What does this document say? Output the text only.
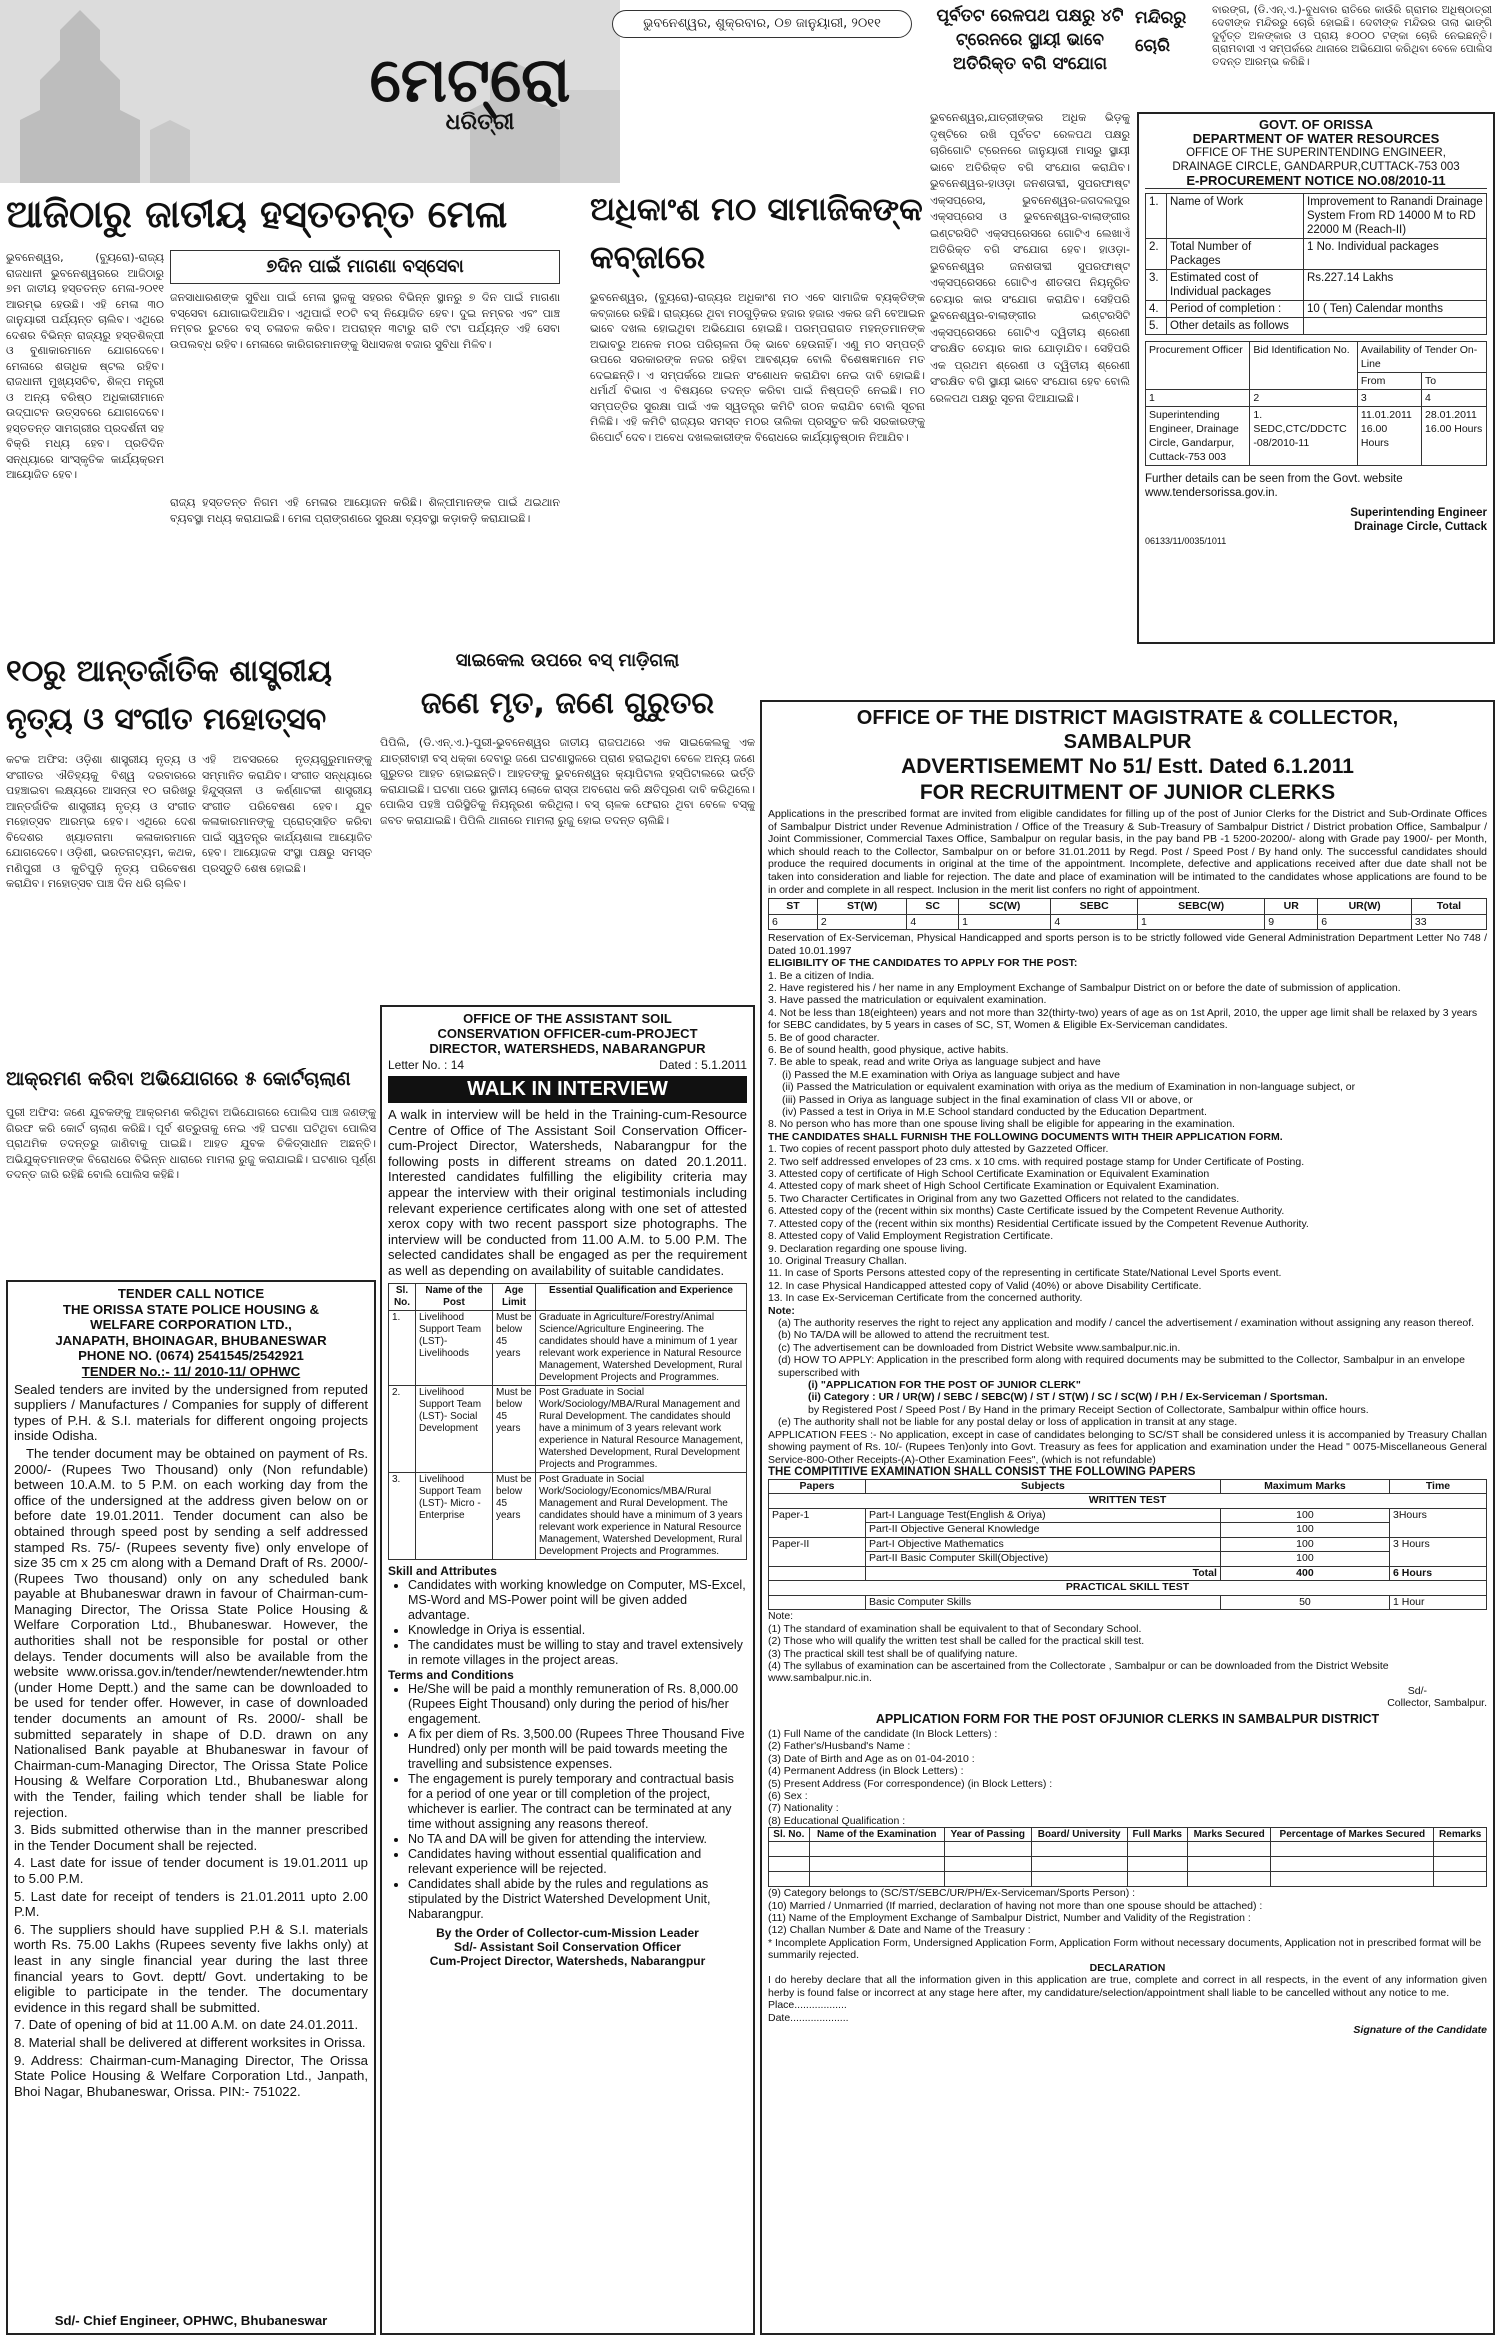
ଭୁବନେଶ୍ୱର, ଶୁକ୍ରବାର, ୦୭ ଜାନୁୟାରୀ, ୨୦୧୧
ମେଟ୍ରୋ
ଧରିତ୍ରୀ
ପୂର୍ବତଟ ରେଳପଥ ପକ୍ଷରୁ ୪ଟି ଟ୍ରେନରେ ସ୍ଥାୟୀ ଭାବେ ଅତିରିକ୍ତ ବଗି ସଂଯୋଗ
ଭୁବନେଶ୍ୱର,ଯାତ୍ରୀଙ୍କର ଅଧିକ ଭିଡ଼କୁ ଦୃଷ୍ଟିରେ ରଖି ପୂର୍ବତଟ ରେଳପଥ ପକ୍ଷରୁ ଚାରିଗୋଟି ଟ୍ରେନରେ ଜାନୁୟାରୀ ମାସରୁ ସ୍ଥାୟୀ ଭାବେ ଅତିରିକ୍ତ ବଗି ସଂଯୋଗ କରାଯିବ। ଭୁବନେଶ୍ୱର-ହାଓଡ଼ା ଜନଶତାବ୍ଦୀ, ସୁପରଫାଷ୍ଟ ଏକ୍ସପ୍ରେସ, ଭୁବନେଶ୍ୱର-ଜଗଦଲପୁର ଏକ୍ସପ୍ରେସ ଓ ଭୁବନେଶ୍ୱର-ବାଲାଙ୍ଗୀର ଇଣ୍ଟରସିଟି ଏକ୍ସପ୍ରେସରେ ଗୋଟିଏ ଲେଖାଏଁ ଅତିରିକ୍ତ ବଗି ସଂଯୋଗ ହେବ। ହାଓଡ଼ା-ଭୁବନେଶ୍ୱର ଜନଶତାବ୍ଦୀ ସୁପରଫାଷ୍ଟ ଏକ୍ସପ୍ରେସରେ ଗୋଟିଏ ଶୀତତାପ ନିୟନ୍ତ୍ରିତ ଚେୟାର କାର ସଂଯୋଗ କରାଯିବ। ସେହିପରି ଭୁବନେଶ୍ୱର-ବାଲାଙ୍ଗୀର ଇଣ୍ଟରସିଟି ଏକ୍ସପ୍ରେସରେ ଗୋଟିଏ ଦ୍ୱିତୀୟ ଶ୍ରେଣୀ ସଂରକ୍ଷିତ ଚେୟାର କାର ଯୋଡ଼ାଯିବ। ସେହିପରି ଏକ ପ୍ରଥମ ଶ୍ରେଣୀ ଓ ଦ୍ୱିତୀୟ ଶ୍ରେଣୀ ସଂରକ୍ଷିତ ବଗି ସ୍ଥାୟୀ ଭାବେ ସଂଯୋଗ ହେବ ବୋଲି ରେଳପଥ ପକ୍ଷରୁ ସୂଚନା ଦିଆଯାଇଛି।
ମନ୍ଦିରରୁ ଚୋରି
ବାରଙ୍ଗ, (ଡି.ଏନ୍.ଏ.)-ବୁଧବାର ରାତିରେ କାଉଁରି ଗ୍ରାମର ଅଧିଷ୍ଠାତ୍ରୀ ଦେବୀଙ୍କ ମନ୍ଦିରରୁ ଚୋରି ହୋଇଛି। ଦେବୀଙ୍କ ମନ୍ଦିରର ତାଲା ଭାଙ୍ଗି ଦୁର୍ବୃତ୍ତ ଅଳଙ୍କାର ଓ ପ୍ରାୟ ୫୦୦୦ ଟଙ୍କା ଚୋରି ନେଇଛନ୍ତି। ଗ୍ରାମବାସୀ ଏ ସମ୍ପର୍କରେ ଥାନାରେ ଅଭିଯୋଗ କରିଥିବା ବେଳେ ପୋଲିସ ତଦନ୍ତ ଆରମ୍ଭ କରିଛି।
GOVT. OF ORISSA
DEPARTMENT OF WATER RESOURCES
OFFICE OF THE SUPERINTENDING ENGINEER,
DRAINAGE CIRCLE, GANDARPUR,CUTTACK-753 003
E-PROCUREMENT NOTICE NO.08/2010-11
1.	Name of Work	Improvement to Ranandi Drainage System From RD 14000 M to RD 22000 M (Reach-II)
2.	Total Number of Packages	1 No. Individual packages
3.	Estimated cost of Individual packages	Rs.227.14 Lakhs
4.	Period of completion :	10 ( Ten) Calendar months
5.	Other details as follows	
Procurement Officer	Bid Identification No.	Availability of Tender On-Line	
		From	To
1	2	3	4
Superintending Engineer, Drainage Circle, Gandarpur, Cuttack-753 003	1. SEDC,CTC/DDCTC -08/2010-11	11.01.2011 16.00 Hours	28.01.2011 16.00 Hours
Further details can be seen from the Govt. website www.tendersorissa.gov.in.
Superintending Engineer
Drainage Circle, Cuttack
06133/11/0035/1011
ଆଜିଠାରୁ ଜାତୀୟ ହସ୍ତତନ୍ତ ମେଳା
ଭୁବନେଶ୍ୱର, (ବ୍ୟୁରୋ)-ରାଜ୍ୟ ରାଜଧାନୀ ଭୁବନେଶ୍ୱରରେ ଆଜିଠାରୁ ୭ମ ଜାତୀୟ ହସ୍ତତନ୍ତ ମେଳା-୨୦୧୧ ଆରମ୍ଭ ହେଉଛି। ଏହି ମେଳା ୩୦ ଜାନୁୟାରୀ ପର୍ଯ୍ୟନ୍ତ ଚାଲିବ। ଏଥିରେ ଦେଶର ବିଭିନ୍ନ ରାଜ୍ୟରୁ ହସ୍ତଶିଳ୍ପୀ ଓ ବୁଣାକାରମାନେ ଯୋଗଦେବେ। ମେଳାରେ ଶତାଧିକ ଷ୍ଟଲ ରହିବ। ରାଜଧାନୀ ମୁଖ୍ୟସଚିବ, ଶିଳ୍ପ ମନ୍ତ୍ରୀ ଓ ଅନ୍ୟ ବରିଷ୍ଠ ଅଧିକାରୀମାନେ ଉଦ୍‌ଘାଟନ ଉତ୍ସବରେ ଯୋଗଦେବେ। ହସ୍ତତନ୍ତ ସାମଗ୍ରୀର ପ୍ରଦର୍ଶନୀ ସହ ବିକ୍ରି ମଧ୍ୟ ହେବ। ପ୍ରତିଦିନ ସନ୍ଧ୍ୟାରେ ସାଂସ୍କୃତିକ କାର୍ଯ୍ୟକ୍ରମ ଆୟୋଜିତ ହେବ।
୭ଦିନ ପାଇଁ ମାଗଣା ବସ୍‌ସେବା
ଜନସାଧାରଣଙ୍କ ସୁବିଧା ପାଇଁ ମେଳା ସ୍ଥଳକୁ ସହରର ବିଭିନ୍ନ ସ୍ଥାନରୁ ୭ ଦିନ ପାଇଁ ମାଗଣା ବସ୍‌ସେବା ଯୋଗାଇଦିଆଯିବ। ଏଥିପାଇଁ ୧୦ଟି ବସ୍ ନିୟୋଜିତ ହେବ। ଦୁଇ ନମ୍ବର ଏବଂ ପାଞ୍ଚ ନମ୍ବର ରୁଟରେ ବସ୍ ଚଳାଚଳ କରିବ। ଅପରାହ୍ନ ୩ଟାରୁ ରାତି ୯ଟା ପର୍ଯ୍ୟନ୍ତ ଏହି ସେବା ଉପଲବ୍ଧ ରହିବ। ମେଳାରେ କାରିଗରମାନଙ୍କୁ ସିଧାସଳଖ ବଜାର ସୁବିଧା ମିଳିବ।
ରାଜ୍ୟ ହସ୍ତତନ୍ତ ନିଗମ ଏହି ମେଳାର ଆୟୋଜନ କରିଛି। ଶିଳ୍ପୀମାନଙ୍କ ପାଇଁ ଥଇଥାନ ବ୍ୟବସ୍ଥା ମଧ୍ୟ କରାଯାଇଛି। ମେଳା ପ୍ରାଙ୍ଗଣରେ ସୁରକ୍ଷା ବ୍ୟବସ୍ଥା କଡ଼ାକଡ଼ି କରାଯାଇଛି।
ଅଧିକାଂଶ ମଠ ସାମାଜିକଙ୍କ କବ୍‌ଜାରେ
ଭୁବନେଶ୍ୱର, (ବ୍ୟୁରୋ)-ରାଜ୍ୟର ଅଧିକାଂଶ ମଠ ଏବେ ସାମାଜିକ ବ୍ୟକ୍ତିଙ୍କ କବ୍‌ଜାରେ ରହିଛି। ରାଜ୍ୟରେ ଥିବା ମଠଗୁଡ଼ିକର ହଜାର ହଜାର ଏକର ଜମି ବେଆଇନ ଭାବେ ଦଖଲ ହୋଇଥିବା ଅଭିଯୋଗ ହୋଇଛି। ପରମ୍ପରାଗତ ମହନ୍ତମାନଙ୍କ ଅଭାବରୁ ଅନେକ ମଠର ପରିଚାଳନା ଠିକ୍ ଭାବେ ହେଉନାହିଁ। ଏଣୁ ମଠ ସମ୍ପତ୍ତି ଉପରେ ସରକାରଙ୍କ ନଜର ରହିବା ଆବଶ୍ୟକ ବୋଲି ବିଶେଷଜ୍ଞମାନେ ମତ ଦେଇଛନ୍ତି। ଏ ସମ୍ପର୍କରେ ଆଇନ ସଂଶୋଧନ କରାଯିବା ନେଇ ଦାବି ହୋଇଛି। ଧର୍ମାର୍ଥ ବିଭାଗ ଏ ବିଷୟରେ ତଦନ୍ତ କରିବା ପାଇଁ ନିଷ୍ପତ୍ତି ନେଇଛି। ମଠ ସମ୍ପତ୍ତିର ସୁରକ୍ଷା ପାଇଁ ଏକ ସ୍ୱତନ୍ତ୍ର କମିଟି ଗଠନ କରାଯିବ ବୋଲି ସୂଚନା ମିଳିଛି। ଏହି କମିଟି ରାଜ୍ୟର ସମସ୍ତ ମଠର ତାଲିକା ପ୍ରସ୍ତୁତ କରି ସରକାରଙ୍କୁ ରିପୋର୍ଟ ଦେବ। ଅବେଧ ଦଖଲକାରୀଙ୍କ ବିରୋଧରେ କାର୍ଯ୍ୟାନୁଷ୍ଠାନ ନିଆଯିବ।
୧୦ରୁ ଆନ୍ତର୍ଜାତିକ ଶାସ୍ତ୍ରୀୟ ନୃତ୍ୟ ଓ ସଂଗୀତ ମହୋତ୍ସବ
କଟକ ଅଫିସ: ଓଡ଼ିଶା ଶାସ୍ତ୍ରୀୟ ନୃତ୍ୟ ଓ ସଂଗୀତର ଐତିହ୍ୟକୁ ବିଶ୍ୱ ଦରବାରରେ ପହଞ୍ଚାଇବା ଲକ୍ଷ୍ୟରେ ଆସନ୍ତା ୧୦ ତାରିଖରୁ ଆନ୍ତର୍ଜାତିକ ଶାସ୍ତ୍ରୀୟ ନୃତ୍ୟ ଓ ସଂଗୀତ ମହୋତ୍ସବ ଆରମ୍ଭ ହେବ। ଏଥିରେ ଦେଶ ବିଦେଶର ଖ୍ୟାତନାମା କଳାକାରମାନେ ଯୋଗଦେବେ। ଓଡ଼ିଶୀ, ଭରତନାଟ୍ୟମ, କଥକ, ମଣିପୁରୀ ଓ କୁଚିପୁଡ଼ି ନୃତ୍ୟ ପରିବେଷଣ କରାଯିବ। ମହୋତ୍ସବ ପାଞ୍ଚ ଦିନ ଧରି ଚାଲିବ।
ଏହି ଅବସରରେ ନୃତ୍ୟଗୁରୁମାନଙ୍କୁ ସମ୍ମାନିତ କରାଯିବ। ସଂଗୀତ ସନ୍ଧ୍ୟାରେ ହିନ୍ଦୁସ୍ତାନୀ ଓ କର୍ଣ୍ଣାଟକୀ ଶାସ୍ତ୍ରୀୟ ସଂଗୀତ ପରିବେଷଣ ହେବ। ଯୁବ କଳାକାରମାନଙ୍କୁ ପ୍ରୋତ୍ସାହିତ କରିବା ପାଇଁ ସ୍ୱତନ୍ତ୍ର କାର୍ଯ୍ୟଶାଳା ଆୟୋଜିତ ହେବ। ଆୟୋଜକ ସଂସ୍ଥା ପକ୍ଷରୁ ସମସ୍ତ ପ୍ରସ୍ତୁତି ଶେଷ ହୋଇଛି।
ସାଇକେଲ ଉପରେ ବସ୍ ମାଡ଼ିଗଲା
ଜଣେ ମୃତ, ଜଣେ ଗୁରୁତର
ପିପିଲି, (ଡି.ଏନ୍.ଏ.)-ପୁରୀ-ଭୁବନେଶ୍ୱର ଜାତୀୟ ରାଜପଥରେ ଏକ ସାଇକେଲକୁ ଏକ ଯାତ୍ରୀବାହୀ ବସ୍ ଧକ୍କା ଦେବାରୁ ଜଣେ ଘଟଣାସ୍ଥଳରେ ପ୍ରାଣ ହରାଇଥିବା ବେଳେ ଅନ୍ୟ ଜଣେ ଗୁରୁତର ଆହତ ହୋଇଛନ୍ତି। ଆହତଙ୍କୁ ଭୁବନେଶ୍ୱର କ୍ୟାପିଟାଲ ହସ୍ପିଟାଲରେ ଭର୍ତ୍ତି କରାଯାଇଛି। ଘଟଣା ପରେ ସ୍ଥାନୀୟ ଲୋକେ ରାସ୍ତା ଅବରୋଧ କରି କ୍ଷତିପୂରଣ ଦାବି କରିଥିଲେ। ପୋଲିସ ପହଞ୍ଚି ପରିସ୍ଥିତିକୁ ନିୟନ୍ତ୍ରଣ କରିଥିଲା। ବସ୍ ଚାଳକ ଫେରାର ଥିବା ବେଳେ ବସ୍‌କୁ ଜବତ କରାଯାଇଛି। ପିପିଲି ଥାନାରେ ମାମଲା ରୁଜୁ ହୋଇ ତଦନ୍ତ ଚାଲିଛି।
ଆକ୍ରମଣ କରିବା ଅଭିଯୋଗରେ ୫ କୋର୍ଟଚାଲାଣ
ପୁରୀ ଅଫିସ: ଜଣେ ଯୁବକଙ୍କୁ ଆକ୍ରମଣ କରିଥିବା ଅଭିଯୋଗରେ ପୋଲିସ ପାଞ୍ଚ ଜଣଙ୍କୁ ଗିରଫ କରି କୋର୍ଟ ଚାଲାଣ କରିଛି। ପୂର୍ବ ଶତ୍ରୁତାକୁ ନେଇ ଏହି ଘଟଣା ଘଟିଥିବା ପୋଲିସ ପ୍ରାଥମିକ ତଦନ୍ତରୁ ଜାଣିବାକୁ ପାଇଛି। ଆହତ ଯୁବକ ଚିକିତ୍ସାଧୀନ ଅଛନ୍ତି। ଅଭିଯୁକ୍ତମାନଙ୍କ ବିରୋଧରେ ବିଭିନ୍ନ ଧାରାରେ ମାମଲା ରୁଜୁ କରାଯାଇଛି। ଘଟଣାର ପୂର୍ଣ୍ଣ ତଦନ୍ତ ଜାରି ରହିଛି ବୋଲି ପୋଲିସ କହିଛି।
TENDER CALL NOTICE
THE ORISSA STATE POLICE HOUSING &
WELFARE CORPORATION LTD.,
JANAPATH, BHOINAGAR, BHUBANESWAR
PHONE NO. (0674) 2541545/2542921
TENDER No.:- 11/ 2010-11/ OPHWC

Sealed tenders are invited by the undersigned from reputed suppliers / Manufactures / Companies for supply of different types of P.H. & S.I. materials for different ongoing projects inside Odisha.

The tender document may be obtained on payment of Rs. 2000/- (Rupees Two Thousand) only (Non refundable) between 10.A.M. to 5 P.M. on each working day from the office of the undersigned at the address given below on or before date 19.01.2011. Tender document can also be obtained through speed post by sending a self addressed stamped Rs. 75/- (Rupees seventy five) only envelope of size 35 cm x 25 cm along with a Demand Draft of Rs. 2000/- (Rupees Two thousand) only on any scheduled bank payable at Bhubaneswar drawn in favour of Chairman-cum-Managing Director, The Orissa State Police Housing & Welfare Corporation Ltd., Bhubaneswar. However, the authorities shall not be responsible for postal or other delays. Tender documents will also be available from the website www.orissa.gov.in/tender/newtender/newtender.htm (under Home Deptt.) and the same can be downloaded to be used for tender offer. However, in case of downloaded tender documents an amount of Rs. 2000/- shall be submitted separately in shape of D.D. drawn on any Nationalised Bank payable at Bhubaneswar in favour of Chairman-cum-Managing Director, The Orissa State Police Housing & Welfare Corporation Ltd., Bhubaneswar along with the Tender, failing which tender shall be liable for rejection.

3. Bids submitted otherwise than in the manner prescribed in the Tender Document shall be rejected.

4. Last date for issue of tender document is 19.01.2011 up to 5.00 P.M.

5. Last date for receipt of tenders is 21.01.2011 upto 2.00 P.M.

6. The suppliers should have supplied P.H & S.I. materials worth Rs. 75.00 Lakhs (Rupees seventy five lakhs only) at least in any single financial year during the last three financial years to Govt. deptt/ Govt. undertaking to be eligible to participate in the tender. The documentary evidence in this regard shall be submitted.

7. Date of opening of bid at 11.00 A.M. on date 24.01.2011.

8. Material shall be delivered at different worksites in Orissa.

9. Address: Chairman-cum-Managing Director, The Orissa State Police Housing & Welfare Corporation Ltd., Janpath, Bhoi Nagar, Bhubaneswar, Orissa. PIN:- 751022.

Sd/- Chief Engineer, OPHWC, Bhubaneswar
OFFICE OF THE ASSISTANT SOIL
CONSERVATION OFFICER-cum-PROJECT
DIRECTOR, WATERSHEDS, NABARANGPUR
Letter No. : 14	Dated : 5.1.2011
WALK IN INTERVIEW
A walk in interview will be held in the Training-cum-Resource Centre of Office of The Assistant Soil Conservation Officer-cum-Project Director, Watersheds, Nabarangpur for the following posts in different streams on dated 20.1.2011. Interested candidates fulfilling the eligibility criteria may appear the interview with their original testimonials including relevant experience certificates along with one set of attested xerox copy with two recent passport size photographs. The interview will be conducted from 11.00 A.M. to 5.00 P.M. The selected candidates shall be engaged as per the requirement as well as depending on availability of suitable candidates.
Sl. No.	Name of the Post	Age Limit	Essential Qualification and Experience
1.	Livelihood Support Team (LST)- Livelihoods	Must be below 45 years	Graduate in Agriculture/Forestry/Animal Science/Agriculture Engineering. The candidates should have a minimum of 1 year relevant work experience in Natural Resource Management, Watershed Development, Rural Development Projects and Programmes.
2.	Livelihood Support Team (LST)- Social Development	Must be below 45 years	Post Graduate in Social Work/Sociology/MBA/Rural Management and Rural Development. The candidates should have a minimum of 3 years relevant work experience in Natural Resource Management, Watershed Development, Rural Development Projects and Programmes.
3.	Livelihood Support Team (LST)- Micro -Enterprise	Must be below 45 years	Post Graduate in Social Work/Sociology/Economics/MBA/Rural Management and Rural Development. The candidates should have a minimum of 3 years relevant work experience in Natural Resource Management, Watershed Development, Rural Development Projects and Programmes.
Skill and Attributes
• Candidates with working knowledge on Computer, MS-Excel, MS-Word and MS-Power point will be given added advantage.
• Knowledge in Oriya is essential.
• The candidates must be willing to stay and travel extensively in remote villages in the project areas.
Terms and Conditions
• He/She will be paid a monthly remuneration of Rs. 8,000.00 (Rupees Eight Thousand) only during the period of his/her engagement.
• A fix per diem of Rs. 3,500.00 (Rupees Three Thousand Five Hundred) only per month will be paid towards meeting the travelling and subsistence expenses.
• The engagement is purely temporary and contractual basis for a period of one year or till completion of the project, whichever is earlier. The contract can be terminated at any time without assigning any reasons thereof.
• No TA and DA will be given for attending the interview.
• Candidates having without essential qualification and relevant experience will be rejected.
• Candidates shall abide by the rules and regulations as stipulated by the District Watershed Development Unit, Nabarangpur.
By the Order of Collector-cum-Mission Leader
Sd/- Assistant Soil Conservation Officer
Cum-Project Director, Watersheds, Nabarangpur
OFFICE OF THE DISTRICT MAGISTRATE & COLLECTOR,
SAMBALPUR
ADVERTISEMEMT No 51/ Estt. Dated 6.1.2011
FOR RECRUITMENT OF JUNIOR CLERKS
Applications in the prescribed format are invited from eligible candidates for filling up of the post of Junior Clerks for the District and Sub-Ordinate Offices of Sambalpur District under Revenue Administration / Office of the Treasury & Sub-Treasury of Sambalpur District / District probation Office, Sambalpur / Joint Commissioner, Commercial Taxes Office, Sambalpur on regular basis, in the pay band PB -1 5200-20200/- along with Grade pay 1900/- per Month, which should reach to the Collector, Sambalpur on or before 31.01.2011 by Regd. Post / Speed Post / By hand only. The successful candidates should produce the required documents in original at the time of the appointment. Incomplete, defective and applications received after due date shall not be taken into consideration and liable for rejection. The date and place of examination will be intimated to the candidates whose applications are found to be in order and complete in all respect. Inclusion in the merit list confers no right of appointment.
ST	ST(W)	SC	SC(W)	SEBC	SEBC(W)	UR	UR(W)	Total
6	2	4	1	4	1	9	6	33
Reservation of Ex-Serviceman, Physical Handicapped and sports person is to be strictly followed vide General Administration Department Letter No 748 / Dated 10.01.1997
ELIGIBILITY OF THE CANDIDATES TO APPLY FOR THE POST:
1. Be a citizen of India.
2. Have registered his / her name in any Employment Exchange of Sambalpur District on or before the date of submission of application.
3. Have passed the matriculation or equivalent examination.
4. Not be less than 18(eighteen) years and not more than 32(thirty-two) years of age as on 1st April, 2010, the upper age limit shall be relaxed by 3 years for SEBC candidates, by 5 years in cases of SC, ST, Women & Eligible Ex-Serviceman candidates.
5. Be of good character.
6. Be of sound health, good physique, active habits.
7. Be able to speak, read and write Oriya as language subject and have
(i) Passed the M.E examination with Oriya as language subject and have
(ii) Passed the Matriculation or equivalent examination with oriya as the medium of Examination in non-language subject, or
(iii) Passed in Oriya as language subject in the final examination of class VII or above, or
(iv) Passed a test in Oriya in M.E School standard conducted by the Education Department.
8. No person who has more than one spouse living shall be eligible for appearing in the examination.
THE CANDIDATES SHALL FURNISH THE FOLLOWING DOCUMENTS WITH THEIR APPLICATION FORM.
1. Two copies of recent passport photo duly attested by Gazzeted Officer.
2. Two self addressed envelopes of 23 cms. x 10 cms. with required postage stamp for Under Certificate of Posting.
3. Attested copy of certificate of High School Certificate Examination or Equivalent Examination
4. Attested copy of mark sheet of High School Certificate Examination or Equivalent Examination.
5. Two Character Certificates in Original from any two Gazetted Officers not related to the candidates.
6. Attested copy of the (recent within six months) Caste Certificate issued by the Competent Revenue Authority.
7. Attested copy of the (recent within six months) Residential Certificate issued by the Competent Revenue Authority.
8. Attested copy of Valid Employment Registration Certificate.
9. Declaration regarding one spouse living.
10. Original Treasury Challan.
11. In case of Sports Persons attested copy of the representing in certificate State/National Level Sports event.
12. In case Physical Handicapped attested copy of Valid (40%) or above Disability Certificate.
13. In case Ex-Serviceman Certificate from the concerned authority.
Note:
(a) The authority reserves the right to reject any application and modify / cancel the advertisement / examination without assigning any reason thereof.
(b) No TA/DA will be allowed to attend the recruitment test.
(c) The advertisement can be downloaded from District Website www.sambalpur.nic.in.
(d) HOW TO APPLY: Application in the prescribed form along with required documents may be submitted to the Collector, Sambalpur in an envelope superscribed with
(i) "APPLICATION FOR THE POST OF JUNIOR CLERK"
(ii) Category : UR / UR(W) / SEBC / SEBC(W) / ST / ST(W) / SC / SC(W) / P.H / Ex-Serviceman / Sportsman.
by Registered Post / Speed Post / By Hand in the primary Receipt Section of Collectorate, Sambalpur within office hours.
(e) The authority shall not be liable for any postal delay or loss of application in transit at any stage.
APPLICATION FEES :- No application, except in case of candidates belonging to SC/ST shall be considered unless it is accompanied by Treasury Challan showing payment of Rs. 10/- (Rupees Ten)only into Govt. Treasury as fees for application and examination under the Head " 0075-Miscellaneous General Service-800-Other Receipts-(A)-Other Examination Fees", (which is not refundable)
THE COMPITITIVE EXAMINATION SHALL CONSIST THE FOLLOWING PAPERS
Papers	Subjects	Maximum Marks	Time
WRITTEN TEST			
Paper-1	Part-I Language Test(English & Oriya)	100	3Hours
	Part-II Objective General Knowledge	100	
Paper-II	Part-I Objective Mathematics	100	3 Hours
	Part-II Basic Computer Skill(Objective)	100	
	Total	400	6 Hours
PRACTICAL SKILL TEST			
	Basic Computer Skills	50	1 Hour
Note:
(1) The standard of examination shall be equivalent to that of Secondary School.
(2) Those who will qualify the written test shall be called for the practical skill test.
(3) The practical skill test shall be of qualifying nature.
(4) The syllabus of examination can be ascertained from the Collectorate , Sambalpur or can be downloaded from the District Website www.sambalpur.nic.in.
Sd/-
Collector, Sambalpur.
APPLICATION FORM FOR THE POST OFJUNIOR CLERKS IN SAMBALPUR DISTRICT
(1) Full Name of the candidate (In Block Letters) :
(2) Father's/Husband's Name :
(3) Date of Birth and Age as on 01-04-2010 :
(4) Permanent Address (in Block Letters) :
(5) Present Address (For correspondence) (in Block Letters) :
(6) Sex :
(7) Nationality :
(8) Educational Qualification :
Sl. No.	Name of the Examination	Year of Passing	Board/ University	Full Marks	Marks Secured	Percentage of Markes Secured	Remarks

(9) Category belongs to (SC/ST/SEBC/UR/PH/Ex-Serviceman/Sports Person) :
(10) Married / Unmarried (If married, declaration of having not more than one spouse should be attached) :
(11) Name of the Employment Exchange of Sambalpur District, Number and Validity of the Registration :
(12) Challan Number & Date and Name of the Treasury :
* Incomplete Application Form, Undersigned Application Form, Application Form without necessary documents, Application not in prescribed format will be summarily rejected.
DECLARATION
I do hereby declare that all the information given in this application are true, complete and correct in all respects, in the event of any information given herby is found false or incorrect at any stage here after, my candidature/selection/appointment shall liable to be cancelled without any notice to me.
Place..................
Date....................
Signature of the Candidate
